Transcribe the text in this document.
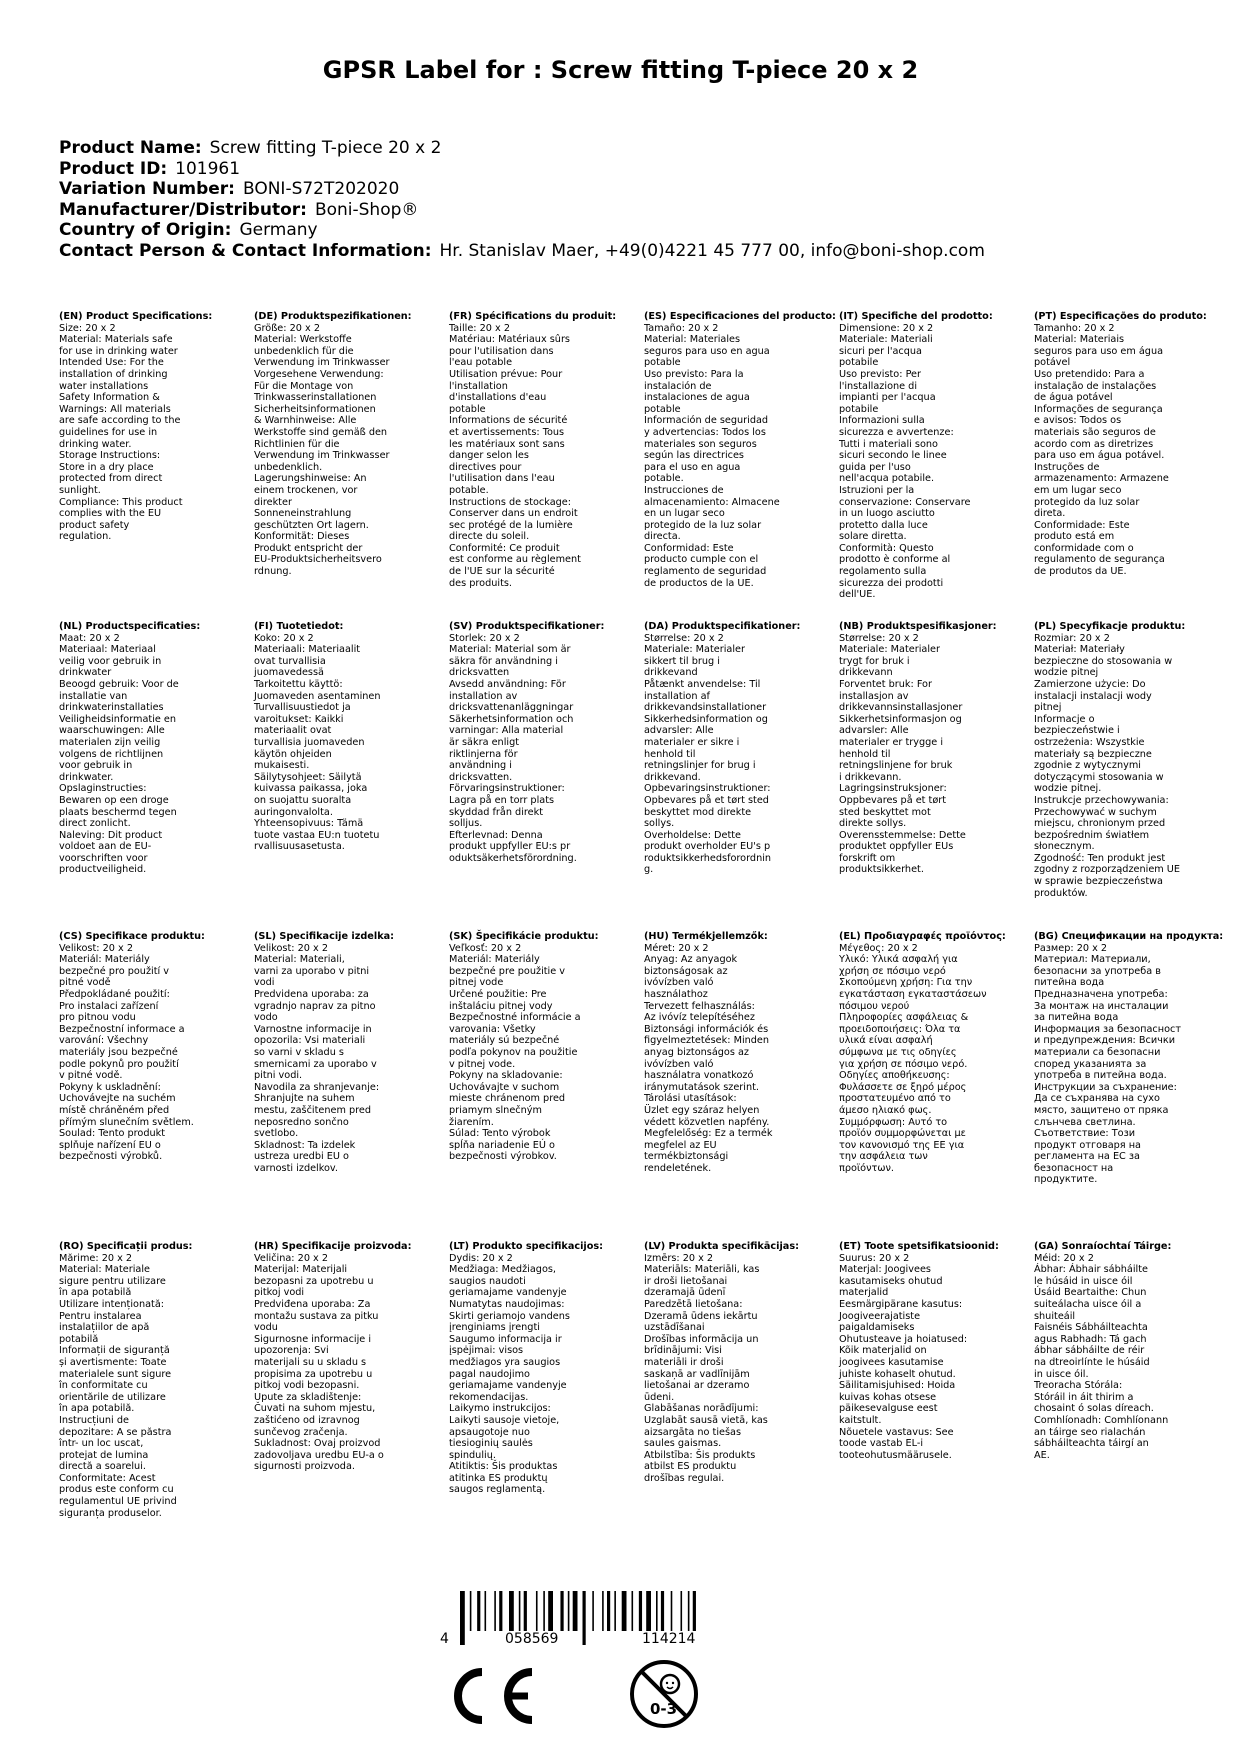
GPSR Label for : Screw fitting T-piece 20 x 2
Product Name: Screw fitting T-piece 20 x 2
Product ID: 101961
Variation Number: BONI-S72T202020
Manufacturer/Distributor: Boni-Shop®
Country of Origin: Germany
Contact Person & Contact Information: Hr. Stanislav Maer, +49(0)4221 45 777 00, info@boni-shop.com
(EN) Product Specifications:
Size: 20 x 2
Material: Materials safe
for use in drinking water
Intended Use: For the
installation of drinking
water installations
Safety Information &
Warnings: All materials
are safe according to the
guidelines for use in
drinking water.
Storage Instructions:
Store in a dry place
protected from direct
sunlight.
Compliance: This product
complies with the EU
product safety
regulation.
(DE) Produktspezifikationen:
Größe: 20 x 2
Material: Werkstoffe
unbedenklich für die
Verwendung im Trinkwasser
Vorgesehene Verwendung:
Für die Montage von
Trinkwasserinstallationen
Sicherheitsinformationen
& Warnhinweise: Alle
Werkstoffe sind gemäß den
Richtlinien für die
Verwendung im Trinkwasser
unbedenklich.
Lagerungshinweise: An
einem trockenen, vor
direkter
Sonneneinstrahlung
geschützten Ort lagern.
Konformität: Dieses
Produkt entspricht der
EU-Produktsicherheitsvero
rdnung.
(FR) Spécifications du produit:
Taille: 20 x 2
Matériau: Matériaux sûrs
pour l'utilisation dans
l'eau potable
Utilisation prévue: Pour
l'installation
d'installations d'eau
potable
Informations de sécurité
et avertissements: Tous
les matériaux sont sans
danger selon les
directives pour
l'utilisation dans l'eau
potable.
Instructions de stockage:
Conserver dans un endroit
sec protégé de la lumière
directe du soleil.
Conformité: Ce produit
est conforme au règlement
de l'UE sur la sécurité
des produits.
(ES) Especificaciones del producto:
Tamaño: 20 x 2
Material: Materiales
seguros para uso en agua
potable
Uso previsto: Para la
instalación de
instalaciones de agua
potable
Información de seguridad
y advertencias: Todos los
materiales son seguros
según las directrices
para el uso en agua
potable.
Instrucciones de
almacenamiento: Almacene
en un lugar seco
protegido de la luz solar
directa.
Conformidad: Este
producto cumple con el
reglamento de seguridad
de productos de la UE.
(IT) Specifiche del prodotto:
Dimensione: 20 x 2
Materiale: Materiali
sicuri per l'acqua
potabile
Uso previsto: Per
l'installazione di
impianti per l'acqua
potabile
Informazioni sulla
sicurezza e avvertenze:
Tutti i materiali sono
sicuri secondo le linee
guida per l'uso
nell'acqua potabile.
Istruzioni per la
conservazione: Conservare
in un luogo asciutto
protetto dalla luce
solare diretta.
Conformità: Questo
prodotto è conforme al
regolamento sulla
sicurezza dei prodotti
dell'UE.
(PT) Especificações do produto:
Tamanho: 20 x 2
Material: Materiais
seguros para uso em água
potável
Uso pretendido: Para a
instalação de instalações
de água potável
Informações de segurança
e avisos: Todos os
materiais são seguros de
acordo com as diretrizes
para uso em água potável.
Instruções de
armazenamento: Armazene
em um lugar seco
protegido da luz solar
direta.
Conformidade: Este
produto está em
conformidade com o
regulamento de segurança
de produtos da UE.
(NL) Productspecificaties:
Maat: 20 x 2
Materiaal: Materiaal
veilig voor gebruik in
drinkwater
Beoogd gebruik: Voor de
installatie van
drinkwaterinstallaties
Veiligheidsinformatie en
waarschuwingen: Alle
materialen zijn veilig
volgens de richtlijnen
voor gebruik in
drinkwater.
Opslaginstructies:
Bewaren op een droge
plaats beschermd tegen
direct zonlicht.
Naleving: Dit product
voldoet aan de EU-
voorschriften voor
productveiligheid.
(FI) Tuotetiedot:
Koko: 20 x 2
Materiaali: Materiaalit
ovat turvallisia
juomavedessä
Tarkoitettu käyttö:
Juomaveden asentaminen
Turvallisuustiedot ja
varoitukset: Kaikki
materiaalit ovat
turvallisia juomaveden
käytön ohjeiden
mukaisesti.
Säilytysohjeet: Säilytä
kuivassa paikassa, joka
on suojattu suoralta
auringonvalolta.
Yhteensopivuus: Tämä
tuote vastaa EU:n tuotetu
rvallisuusasetusta.
(SV) Produktspecifikationer:
Storlek: 20 x 2
Material: Material som är
säkra för användning i
dricksvatten
Avsedd användning: För
installation av
dricksvattenanläggningar
Säkerhetsinformation och
varningar: Alla material
är säkra enligt
riktlinjerna för
användning i
dricksvatten.
Förvaringsinstruktioner:
Lagra på en torr plats
skyddad från direkt
solljus.
Efterlevnad: Denna
produkt uppfyller EU:s pr
oduktsäkerhetsförordning.
(DA) Produktspecifikationer:
Størrelse: 20 x 2
Materiale: Materialer
sikkert til brug i
drikkevand
Påtænkt anvendelse: Til
installation af
drikkevandsinstallationer
Sikkerhedsinformation og
advarsler: Alle
materialer er sikre i
henhold til
retningslinjer for brug i
drikkevand.
Opbevaringsinstruktioner:
Opbevares på et tørt sted
beskyttet mod direkte
sollys.
Overholdelse: Dette
produkt overholder EU's p
roduktsikkerhedsforordnin
g.
(NB) Produktspesifikasjoner:
Størrelse: 20 x 2
Materiale: Materialer
trygt for bruk i
drikkevann
Forventet bruk: For
installasjon av
drikkevannsinstallasjoner
Sikkerhetsinformasjon og
advarsler: Alle
materialer er trygge i
henhold til
retningslinjene for bruk
i drikkevann.
Lagringsinstruksjoner:
Oppbevares på et tørt
sted beskyttet mot
direkte sollys.
Overensstemmelse: Dette
produktet oppfyller EUs
forskrift om
produktsikkerhet.
(PL) Specyfikacje produktu:
Rozmiar: 20 x 2
Materiał: Materiały
bezpieczne do stosowania w
wodzie pitnej
Zamierzone użycie: Do
instalacji instalacji wody
pitnej
Informacje o
bezpieczeństwie i
ostrzeżenia: Wszystkie
materiały są bezpieczne
zgodnie z wytycznymi
dotyczącymi stosowania w
wodzie pitnej.
Instrukcje przechowywania:
Przechowywać w suchym
miejscu, chronionym przed
bezpośrednim światłem
słonecznym.
Zgodność: Ten produkt jest
zgodny z rozporządzeniem UE
w sprawie bezpieczeństwa
produktów.
(CS) Specifikace produktu:
Velikost: 20 x 2
Materiál: Materiály
bezpečné pro použití v
pitné vodě
Předpokládané použití:
Pro instalaci zařízení
pro pitnou vodu
Bezpečnostní informace a
varování: Všechny
materiály jsou bezpečné
podle pokynů pro použití
v pitné vodě.
Pokyny k uskladnění:
Uchovávejte na suchém
místě chráněném před
přímým slunečním světlem.
Soulad: Tento produkt
splňuje nařízení EU o
bezpečnosti výrobků.
(SL) Specifikacije izdelka:
Velikost: 20 x 2
Material: Materiali,
varni za uporabo v pitni
vodi
Predvidena uporaba: za
vgradnjo naprav za pitno
vodo
Varnostne informacije in
opozorila: Vsi materiali
so varni v skladu s
smernicami za uporabo v
pitni vodi.
Navodila za shranjevanje:
Shranjujte na suhem
mestu, zaščitenem pred
neposredno sončno
svetlobo.
Skladnost: Ta izdelek
ustreza uredbi EU o
varnosti izdelkov.
(SK) Špecifikácie produktu:
Veľkosť: 20 x 2
Materiál: Materiály
bezpečné pre použitie v
pitnej vode
Určené použitie: Pre
inštaláciu pitnej vody
Bezpečnostné informácie a
varovania: Všetky
materiály sú bezpečné
podľa pokynov na použitie
v pitnej vode.
Pokyny na skladovanie:
Uchovávajte v suchom
mieste chránenom pred
priamym slnečným
žiarením.
Súlad: Tento výrobok
spĺňa nariadenie EÚ o
bezpečnosti výrobkov.
(HU) Termékjellemzők:
Méret: 20 x 2
Anyag: Az anyagok
biztonságosak az
ivóvízben való
használathoz
Tervezett felhasználás:
Az ivóvíz telepítéséhez
Biztonsági információk és
figyelmeztetések: Minden
anyag biztonságos az
ivóvízben való
használatra vonatkozó
iránymutatások szerint.
Tárolási utasítások:
Üzlet egy száraz helyen
védett közvetlen napfény.
Megfelelőség: Ez a termék
megfelel az EU
termékbiztonsági
rendeletének.
(EL) Προδιαγραφές προϊόντος:
Μέγεθος: 20 x 2
Υλικό: Υλικά ασφαλή για
χρήση σε πόσιμο νερό
Σκοπούμενη χρήση: Για την
εγκατάσταση εγκαταστάσεων
πόσιμου νερού
Πληροφορίες ασφάλειας &
προειδοποιήσεις: Όλα τα
υλικά είναι ασφαλή
σύμφωνα με τις οδηγίες
για χρήση σε πόσιμο νερό.
Οδηγίες αποθήκευσης:
Φυλάσσετε σε ξηρό μέρος
προστατευμένο από το
άμεσο ηλιακό φως.
Συμμόρφωση: Αυτό το
προϊόν συμμορφώνεται με
τον κανονισμό της ΕΕ για
την ασφάλεια των
προϊόντων.
(BG) Спецификации на продукта:
Размер: 20 x 2
Материал: Материали,
безопасни за употреба в
питейна вода
Предназначена употреба:
За монтаж на инсталации
за питейна вода
Информация за безопасност
и предупреждения: Всички
материали са безопасни
според указанията за
употреба в питейна вода.
Инструкции за съхранение:
Да се съхранява на сухо
място, защитено от пряка
слънчева светлина.
Съответствие: Този
продукт отговаря на
регламента на ЕС за
безопасност на
продуктите.
(RO) Specificații produs:
Mărime: 20 x 2
Material: Materiale
sigure pentru utilizare
în apa potabilă
Utilizare intenționată:
Pentru instalarea
instalațiilor de apă
potabilă
Informații de siguranță
și avertismente: Toate
materialele sunt sigure
în conformitate cu
orientările de utilizare
în apa potabilă.
Instrucțiuni de
depozitare: A se păstra
într- un loc uscat,
protejat de lumina
directă a soarelui.
Conformitate: Acest
produs este conform cu
regulamentul UE privind
siguranța produselor.
(HR) Specifikacije proizvoda:
Veličina: 20 x 2
Materijal: Materijali
bezopasni za upotrebu u
pitkoj vodi
Predviđena uporaba: Za
montažu sustava za pitku
vodu
Sigurnosne informacije i
upozorenja: Svi
materijali su u skladu s
propisima za upotrebu u
pitkoj vodi bezopasni.
Upute za skladištenje:
Čuvati na suhom mjestu,
zaštićeno od izravnog
sunčevog zračenja.
Sukladnost: Ovaj proizvod
zadovoljava uredbu EU-a o
sigurnosti proizvoda.
(LT) Produkto specifikacijos:
Dydis: 20 x 2
Medžiaga: Medžiagos,
saugios naudoti
geriamajame vandenyje
Numatytas naudojimas:
Skirti geriamojo vandens
įrenginiams įrengti
Saugumo informacija ir
įspėjimai: visos
medžiagos yra saugios
pagal naudojimo
geriamajame vandenyje
rekomendacijas.
Laikymo instrukcijos:
Laikyti sausoje vietoje,
apsaugotoje nuo
tiesioginių saulės
spindulių.
Atitiktis: Šis produktas
atitinka ES produktų
saugos reglamentą.
(LV) Produkta specifikācijas:
Izmērs: 20 x 2
Materiāls: Materiāli, kas
ir droši lietošanai
dzeramajā ūdenī
Paredzētā lietošana:
Dzeramā ūdens iekārtu
uzstādīšanai
Drošības informācija un
brīdinājumi: Visi
materiāli ir droši
saskaņā ar vadlīnijām
lietošanai ar dzeramo
ūdeni.
Glabāšanas norādījumi:
Uzglabāt sausā vietā, kas
aizsargāta no tiešas
saules gaismas.
Atbilstība: Šis produkts
atbilst ES produktu
drošības regulai.
(ET) Toote spetsifikatsioonid:
Suurus: 20 x 2
Materjal: Joogivees
kasutamiseks ohutud
materjalid
Eesmärgipärane kasutus:
Joogiveerajatiste
paigaldamiseks
Ohutusteave ja hoiatused:
Kõik materjalid on
joogivees kasutamise
juhiste kohaselt ohutud.
Säilitamisjuhised: Hoida
kuivas kohas otsese
päikesevalguse eest
kaitstult.
Nõuetele vastavus: See
toode vastab EL-i
tooteohutusmäärusele.
(GA) Sonraíochtaí Táirge:
Méid: 20 x 2
Ábhar: Ábhair sábháilte
le húsáid in uisce óil
Úsáid Beartaithe: Chun
suiteálacha uisce óil a
shuiteáil
Faisnéis Sábháilteachta
agus Rabhadh: Tá gach
ábhar sábháilte de réir
na dtreoirlínte le húsáid
in uisce óil.
Treoracha Stórála:
Stóráil in áit thirim a
chosaint ó solas díreach.
Comhlíonadh: Comhlíonann
an táirge seo rialachán
sábháilteachta táirgí an
AE.
4	058569	114214
0-3
